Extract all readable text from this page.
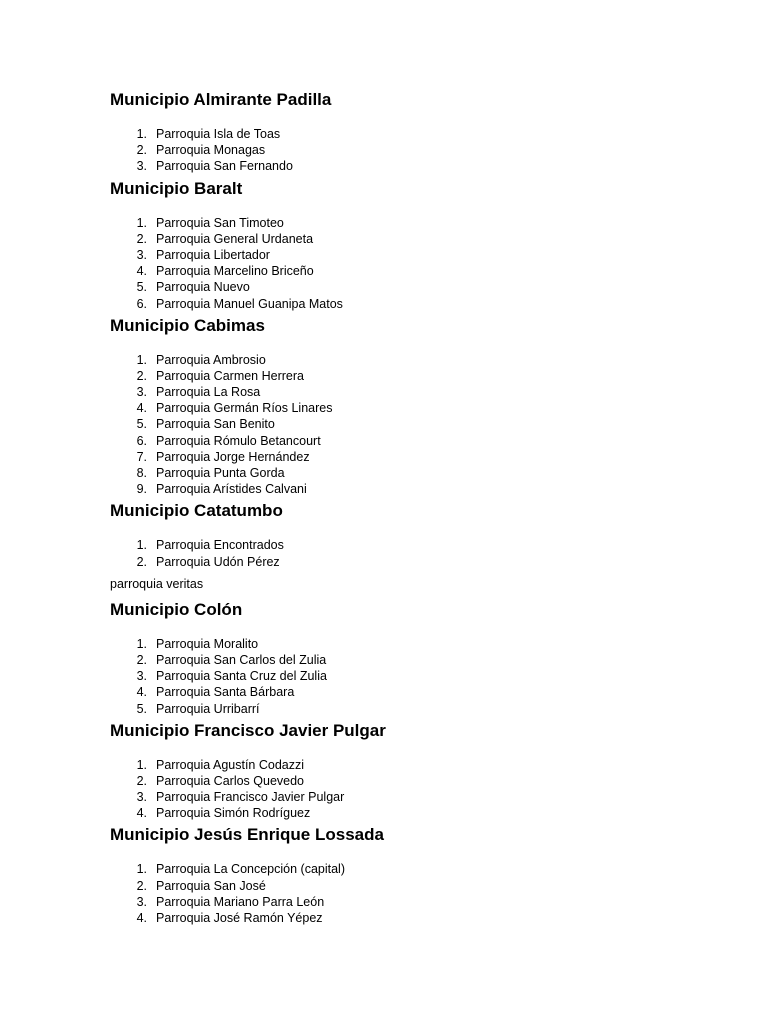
Municipio Almirante Padilla
1. Parroquia Isla de Toas
2. Parroquia Monagas
3. Parroquia San Fernando
Municipio Baralt
1. Parroquia San Timoteo
2. Parroquia General Urdaneta
3. Parroquia Libertador
4. Parroquia Marcelino Briceño
5. Parroquia Nuevo
6. Parroquia Manuel Guanipa Matos
Municipio Cabimas
1. Parroquia Ambrosio
2. Parroquia Carmen Herrera
3. Parroquia La Rosa
4. Parroquia Germán Ríos Linares
5. Parroquia San Benito
6. Parroquia Rómulo Betancourt
7. Parroquia Jorge Hernández
8. Parroquia Punta Gorda
9. Parroquia Arístides Calvani
Municipio Catatumbo
1. Parroquia Encontrados
2. Parroquia Udón Pérez
parroquia veritas
Municipio Colón
1. Parroquia Moralito
2. Parroquia San Carlos del Zulia
3. Parroquia Santa Cruz del Zulia
4. Parroquia Santa Bárbara
5. Parroquia Urribarrí
Municipio Francisco Javier Pulgar
1. Parroquia Agustín Codazzi
2. Parroquia Carlos Quevedo
3. Parroquia Francisco Javier Pulgar
4. Parroquia Simón Rodríguez
Municipio Jesús Enrique Lossada
1. Parroquia La Concepción (capital)
2. Parroquia San José
3. Parroquia Mariano Parra León
4. Parroquia José Ramón Yépez
